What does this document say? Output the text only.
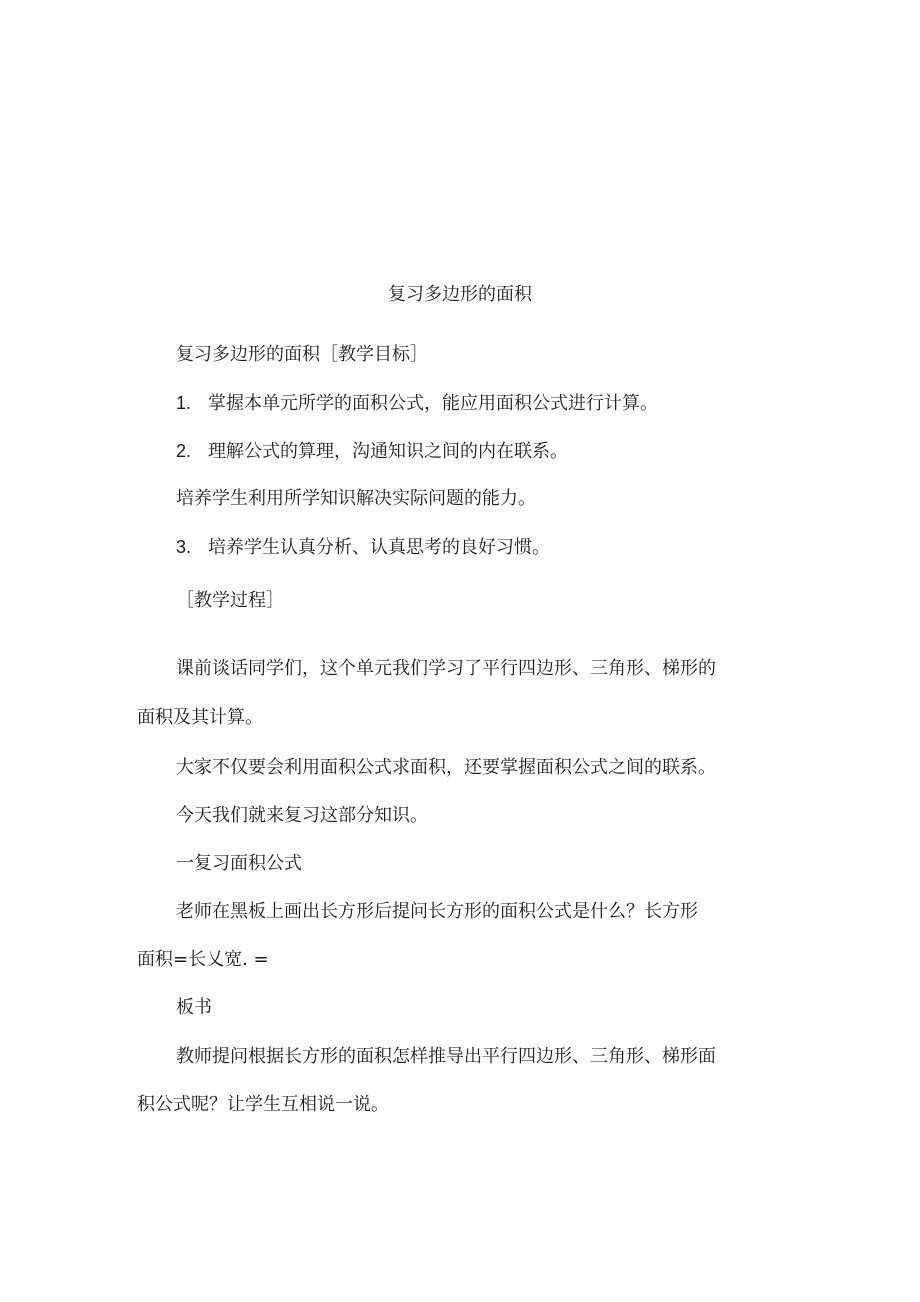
复习多边形的面积
复习多边形的面积［教学目标］
1. 掌握本单元所学的面积公式，能应用面积公式进行计算。
2. 理解公式的算理，沟通知识之间的内在联系。
培养学生利用所学知识解决实际问题的能力。
3. 培养学生认真分析、认真思考的良好习惯。
［教学过程］
课前谈话同学们，这个单元我们学习了平行四边形、三角形、梯形的
面积及其计算。
大家不仅要会利用面积公式求面积，还要掌握面积公式之间的联系。
今天我们就来复习这部分知识。
一复习面积公式
老师在黑板上画出长方形后提问长方形的面积公式是什么？长方形
面积=长乂宽. =
板书
教师提问根据长方形的面积怎样推导出平行四边形、三角形、梯形面
积公式呢？让学生互相说一说。
